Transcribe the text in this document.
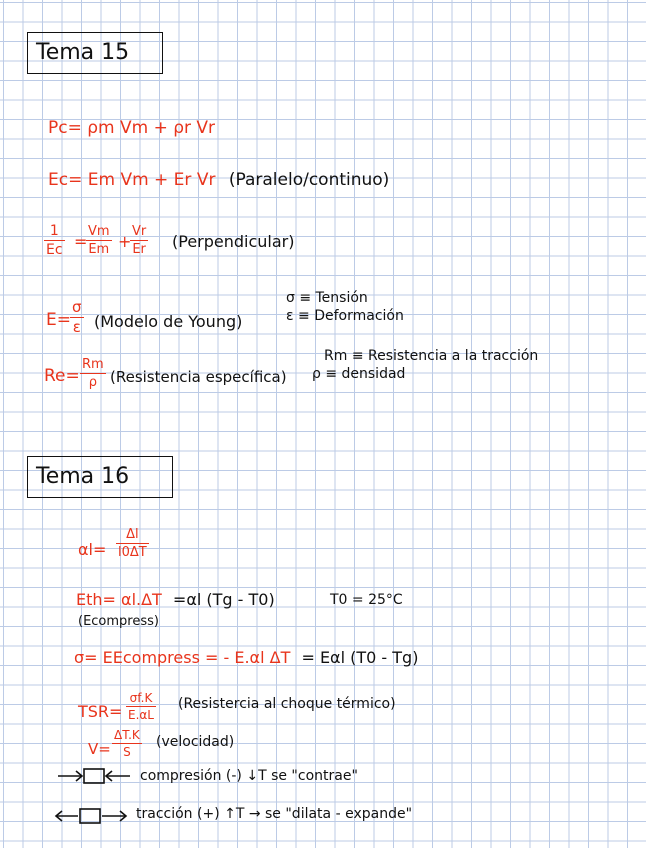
Tema 15
Pc= ρm Vm + ρr Vr
Ec= Em Vm + Er Vr (Paralelo/continuo)
1
Ec =
Vm
Em +
Vr
Er (Perpendicular)
E=
σ
ε (Modelo de Young)
σ ≡ Tensión
ε ≡ Deformación
Re=
Rm
ρ (Resistencia específica)
Rm ≡ Resistencia a la tracción
ρ ≡ densidad
Tema 16
αl=
Δl
l0ΔT
Eth= αl.ΔT =αl (Tg - T0)	T0 = 25°C
(Ecompress)
σ= EEcompress = - E.αl ΔT = Eαl (T0 - Tg)
TSR=
σf.K
E.αL
(Resistercia al choque térmico)
V=
ΔT.K
S
(velocidad)
compresión (-) ↓T se "contrae"
tracción (+) ↑T → se "dilata - expande"
